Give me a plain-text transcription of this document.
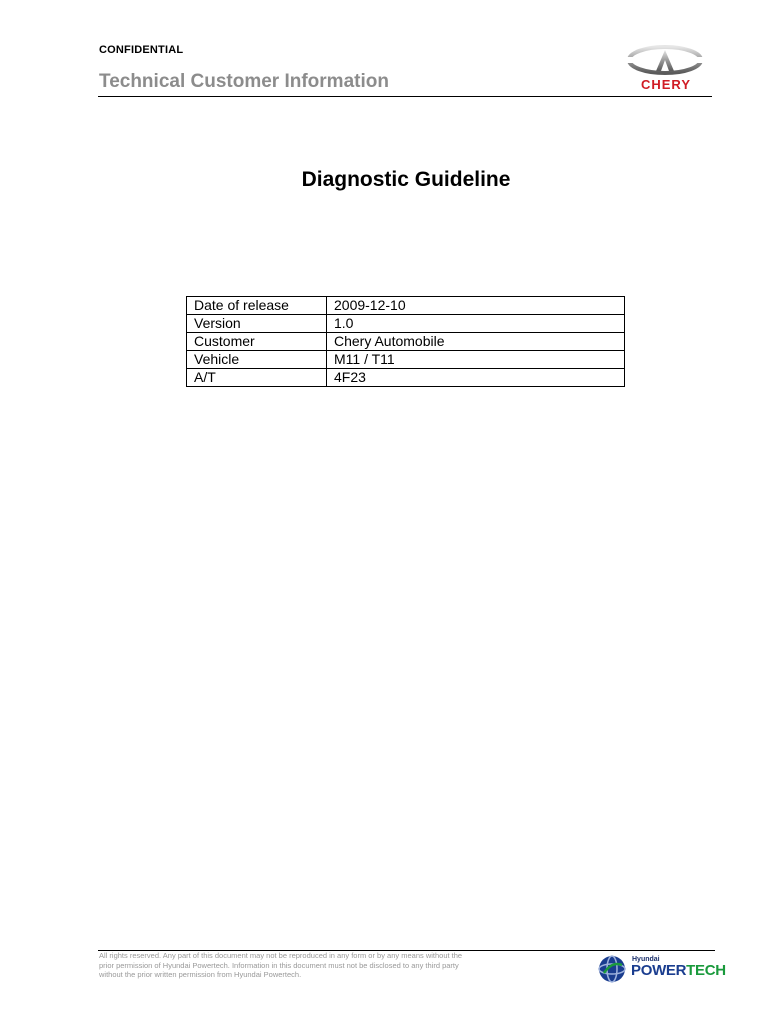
CONFIDENTIAL
Technical Customer Information	CHERY
Diagnostic Guideline
Date of release	2009-12-10
Version	1.0
Customer	Chery Automobile
Vehicle	M11 / T11
A/T	4F23
All rights reserved. Any part of this document may not be reproduced in any form or by any means without the
prior permission of Hyundai Powertech. Information in this document must not be disclosed to any third party
without the prior written permission from Hyundai Powertech.
Hyundai
POWERTECH
